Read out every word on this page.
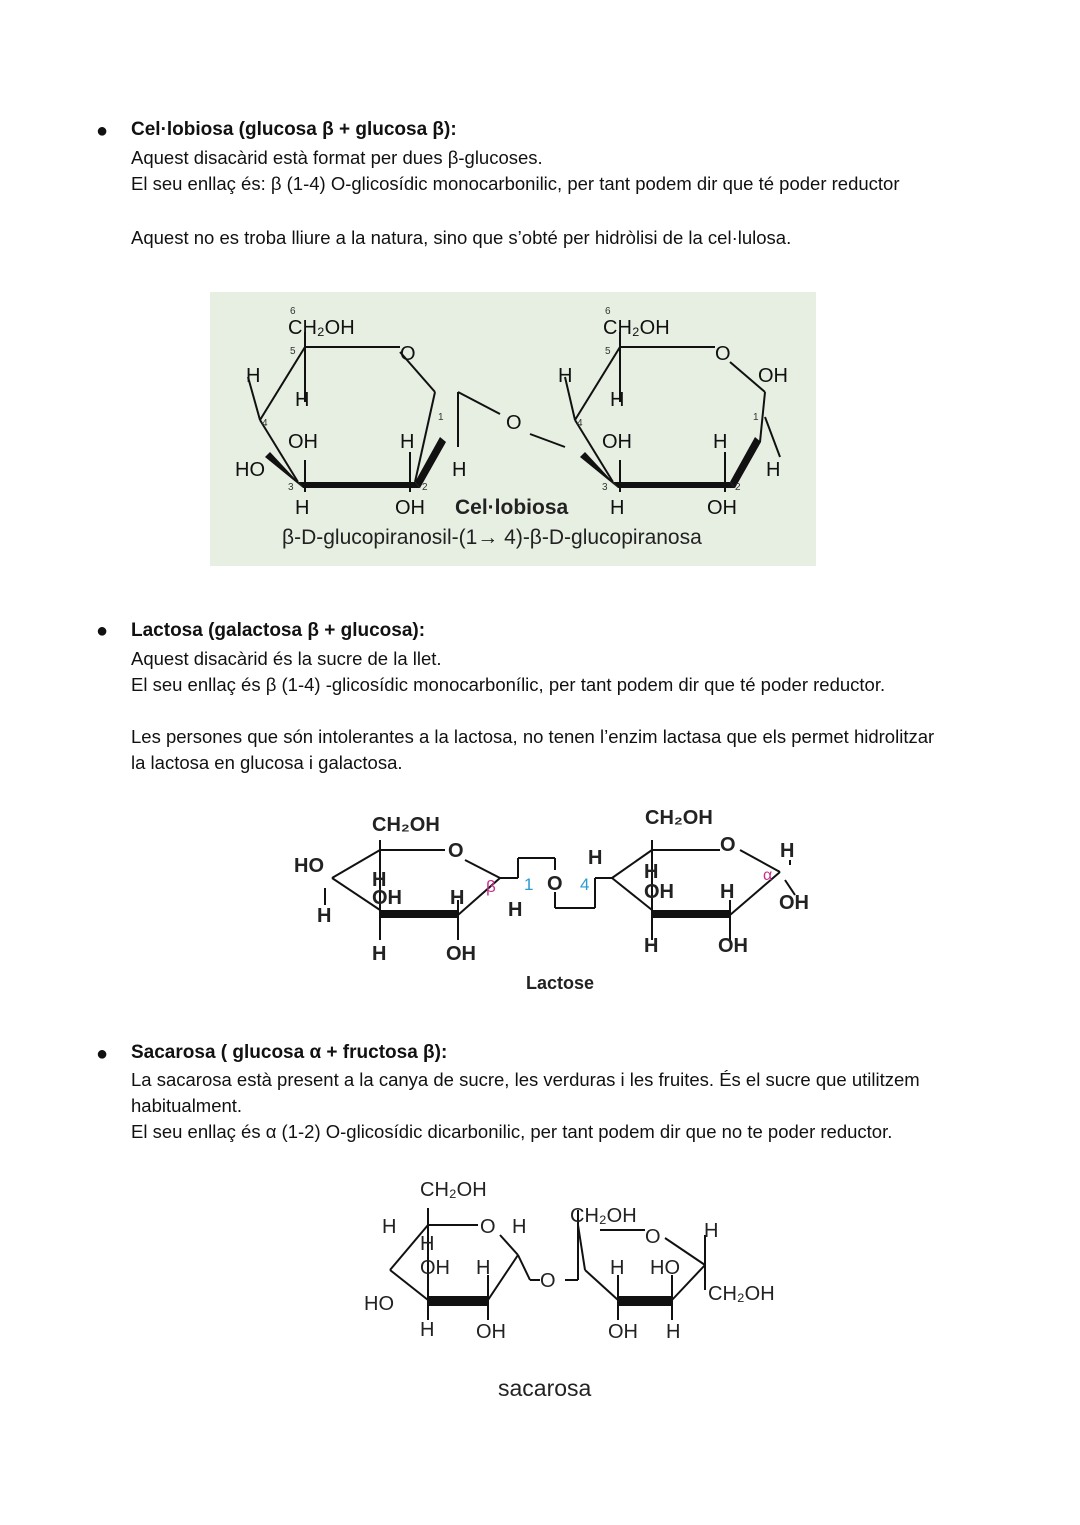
● Cel·lobiosa (glucosa β + glucosa β):
Aquest disacàrid està format per dues β-glucoses.
El seu enllaç és: β (1-4) O-glicosídic monocarbonilic, per tant podem dir que té poder reductor
Aquest no es troba lliure a la natura, sino que s’obté per hidròlisi de la cel·lulosa.
CH₂OH
O
H
H
OH	H
HO	H
H	OH
O
CH₂OH
O
OH
H
H
OH	H
H
H	OH
6
5
4
3	2
1
6
5
4
3	2
1
Cel·lobiosa
β-D-glucopiranosil-(1→ 4)-β-D-glucopiranosa
● Lactosa (galactosa β + glucosa):
Aquest disacàrid és la sucre de la llet.
El seu enllaç és β (1-4) -glicosídic monocarbonílic, per tant podem dir que té poder reductor.
Les persones que són intolerantes a la lactosa, no tenen l’enzim lactasa que els permet hidrolitzar
la lactosa en glucosa i galactosa.
CH₂OH
O
HO
H
OH H
H
H	OH
H
O
H
CH₂OH
O H
H
OH H OH
H	OH
β 1	4	α
Lactose
● Sacarosa ( glucosa α + fructosa β):
La sacarosa està present a la canya de sucre, les verduras i les fruites. És el sucre que utilitzem
habitualment.
El seu enllaç és α (1-2) O-glicosídic dicarbonilic, per tant podem dir que no te poder reductor.
CH₂OH
O H
H
H
OH H
HO
H OH
O
CH₂OH
O H
H HO
CH₂OH
OH H
sacarosa
